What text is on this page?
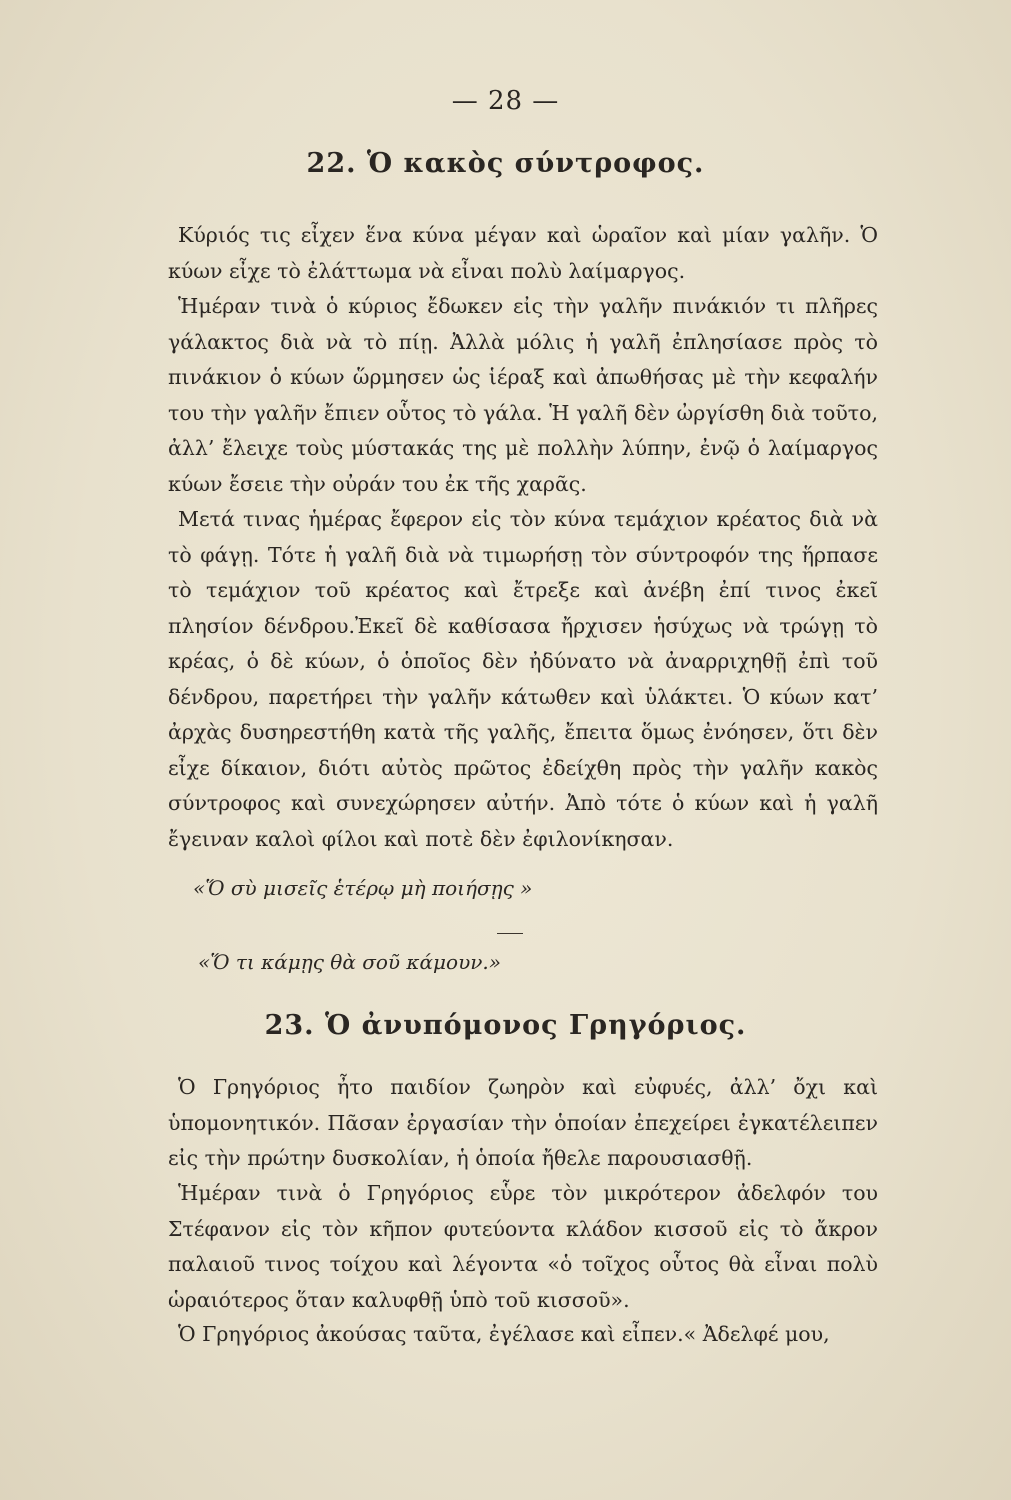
— 28 —
22. Ὁ κακὸς σύντροφος.

Κύριός τις εἶχεν ἕνα κύνα μέγαν καὶ ὡραῖον καὶ μίαν γαλῆν. Ὁ κύων εἶχε τὸ ἐλάττωμα νὰ εἶναι πολὺ λαίμαργος.

Ἡμέραν τινὰ ὁ κύριος ἔδωκεν εἰς τὴν γαλῆν πινάκιόν τι πλῆρες γάλακτος διὰ νὰ τὸ πίῃ. Ἀλλὰ μόλις ἡ γαλῆ ἐπλησίασε πρὸς τὸ πινάκιον ὁ κύων ὥρμησεν ὡς ἱέραξ καὶ ἀπωθήσας μὲ τὴν κεφαλήν του τὴν γαλῆν ἔπιεν οὗτος τὸ γάλα. Ἡ γαλῆ δὲν ὠργίσθη διὰ τοῦτο, ἀλλ’ ἔλειχε τοὺς μύστακάς της μὲ πολλὴν λύπην, ἐνῷ ὁ λαίμαργος κύων ἔσειε τὴν οὐράν του ἐκ τῆς χαρᾶς.

Μετά τινας ἡμέρας ἔφερον εἰς τὸν κύνα τεμάχιον κρέατος διὰ νὰ τὸ φάγῃ. Τότε ἡ γαλῆ διὰ νὰ τιμωρήσῃ τὸν σύντροφόν της ἥρπασε τὸ τεμάχιον τοῦ κρέατος καὶ ἔτρεξε καὶ ἀνέβη ἐπί τινος ἐκεῖ πλησίον δένδρου.Ἐκεῖ δὲ καθίσασα ἤρχισεν ἡσύχως νὰ τρώγῃ τὸ κρέας, ὁ δὲ κύων, ὁ ὁποῖος δὲν ἠδύνατο νὰ ἀναρριχηθῇ ἐπὶ τοῦ δένδρου, παρετήρει τὴν γαλῆν κάτωθεν καὶ ὑλάκτει. Ὁ κύων κατ’ ἀρχὰς δυσηρεστήθη κατὰ τῆς γαλῆς, ἔπειτα ὅμως ἐνόησεν, ὅτι δὲν εἶχε δίκαιον, διότι αὐτὸς πρῶτος ἐδείχθη πρὸς τὴν γαλῆν κακὸς σύντροφος καὶ συνεχώρησεν αὐτήν. Ἀπὸ τότε ὁ κύων καὶ ἡ γαλῆ ἔγειναν καλοὶ φίλοι καὶ ποτὲ δὲν ἐφιλονίκησαν.

«Ὅ σὺ μισεῖς ἑτέρῳ μὴ ποιήσῃς »
«Ὅ τι κάμῃς θὰ σοῦ κάμουν.»
23. Ὁ ἀνυπόμονος Γρηγόριος.

Ὁ Γρηγόριος ἦτο παιδίον ζωηρὸν καὶ εὐφυές, ἀλλ’ ὄχι καὶ ὑπομονητικόν. Πᾶσαν ἐργασίαν τὴν ὁποίαν ἐπεχείρει ἐγκατέλειπεν εἰς τὴν πρώτην δυσκολίαν, ἡ ὁποία ἤθελε παρουσιασθῇ.

Ἡμέραν τινὰ ὁ Γρηγόριος εὗρε τὸν μικρότερον ἀδελφόν του Στέφανον εἰς τὸν κῆπον φυτεύοντα κλάδον κισσοῦ εἰς τὸ ἄκρον παλαιοῦ τινος τοίχου καὶ λέγοντα «ὁ τοῖχος οὗτος θὰ εἶναι πολὺ ὡραιότερος ὅταν καλυφθῇ ὑπὸ τοῦ κισσοῦ».

Ὁ Γρηγόριος ἀκούσας ταῦτα, ἐγέλασε καὶ εἶπεν.« Ἀδελφέ μου,
